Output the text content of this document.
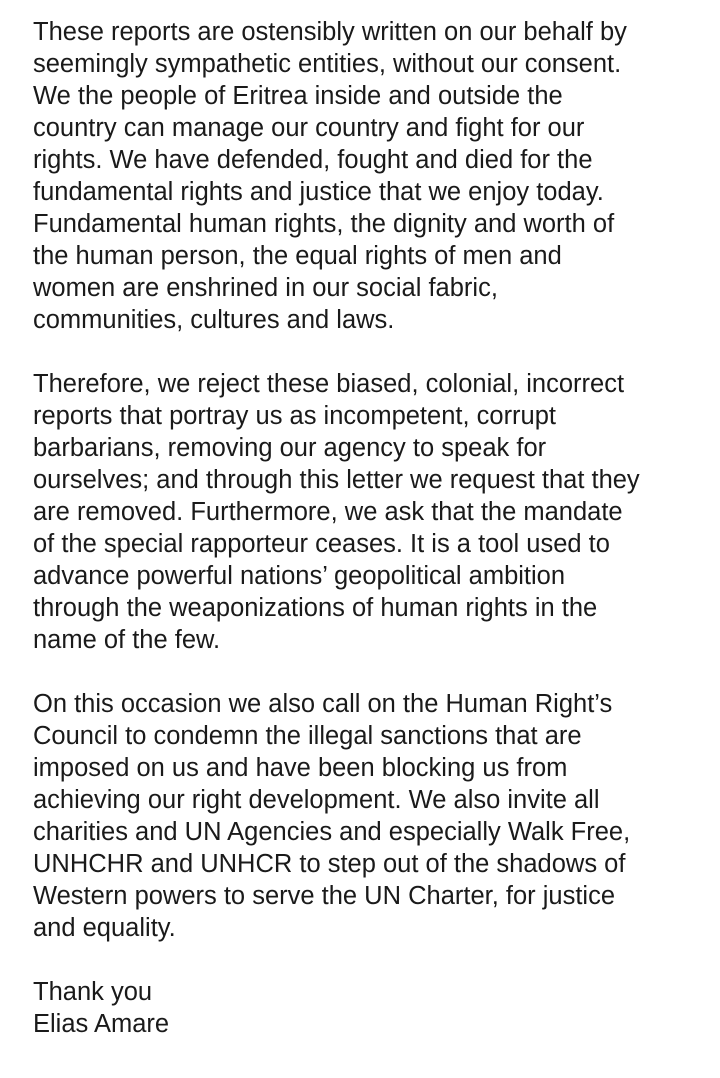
These reports are ostensibly written on our behalf by
seemingly sympathetic entities, without our consent.
We the people of Eritrea inside and outside the
country can manage our country and fight for our
rights. We have defended, fought and died for the
fundamental rights and justice that we enjoy today.
Fundamental human rights, the dignity and worth of
the human person, the equal rights of men and
women are enshrined in our social fabric,
communities, cultures and laws.

Therefore, we reject these biased, colonial, incorrect
reports that portray us as incompetent, corrupt
barbarians, removing our agency to speak for
ourselves; and through this letter we request that they
are removed. Furthermore, we ask that the mandate
of the special rapporteur ceases. It is a tool used to
advance powerful nations’ geopolitical ambition
through the weaponizations of human rights in the
name of the few.

On this occasion we also call on the Human Right’s
Council to condemn the illegal sanctions that are
imposed on us and have been blocking us from
achieving our right development. We also invite all
charities and UN Agencies and especially Walk Free,
UNHCHR and UNHCR to step out of the shadows of
Western powers to serve the UN Charter, for justice
and equality.

Thank you
Elias Amare
